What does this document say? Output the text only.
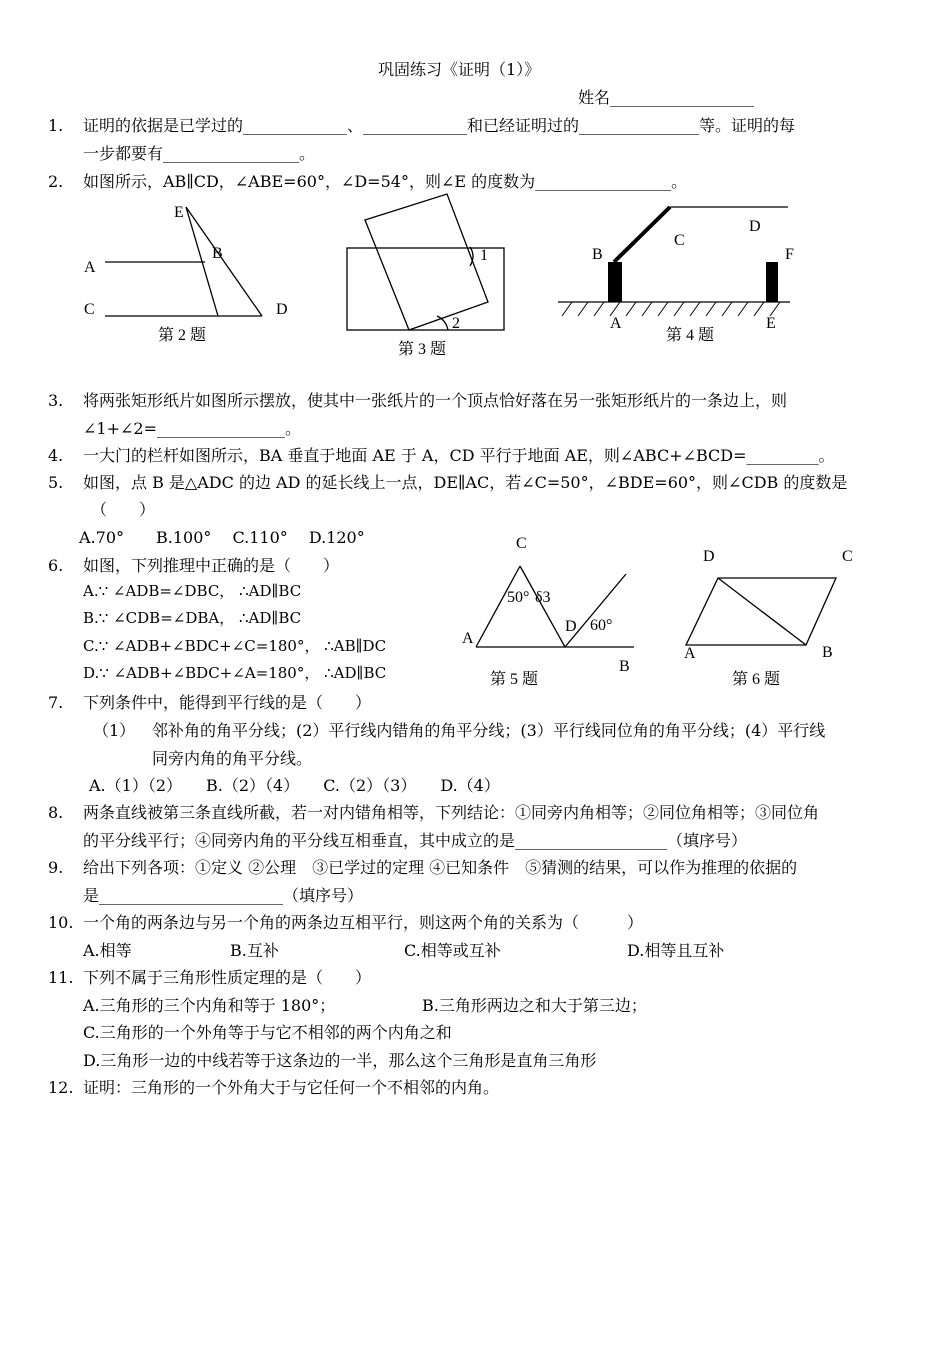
巩固练习《证明（1）》
姓名__________________
1. 证明的依据是已学过的_____________、_____________和已经证明过的_______________等。证明的每
一步都要有_________________。
2. 如图所示，AB∥CD，∠ABE=60°，∠D=54°，则∠E 的度数为_________________。
E
B
A
C	D
第 2 题
1
2
第 3 题
B
C
D
F
A	E
第 4 题
C
50° δ3
D 60°
A
B
第 5 题
D	C
A	B
第 6 题
3. 将两张矩形纸片如图所示摆放，使其中一张纸片的一个顶点恰好落在另一张矩形纸片的一条边上，则
∠1+∠2=________________。
4. 一大门的栏杆如图所示，BA 垂直于地面 AE 于 A，CD 平行于地面 AE，则∠ABC+∠BCD=_________。
5. 如图，点 B 是△ADC 的边 AD 的延长线上一点，DE∥AC，若∠C=50°，∠BDE=60°，则∠CDB 的度数是
（　　）
A.70°　　B.100°　 C.110°　 D.120°
6. 如图，下列推理中正确的是（　　）
A.∵ ∠ADB=∠DBC， ∴AD∥BC
B.∵ ∠CDB=∠DBA， ∴AD∥BC
C.∵ ∠ADB+∠BDC+∠C=180°， ∴AB∥DC
D.∵ ∠ADB+∠BDC+∠A=180°， ∴AD∥BC
7. 下列条件中，能得到平行线的是（　　）
（1） 邻补角的角平分线；(2）平行线内错角的角平分线；(3）平行线同位角的角平分线；(4）平行线
同旁内角的角平分线。
A.（1）（2）　　B.（2）（4）　　C.（2）（3）　　D.（4）
8. 两条直线被第三条直线所截，若一对内错角相等，下列结论：①同旁内角相等；②同位角相等；③同位角
的平分线平行；④同旁内角的平分线互相垂直，其中成立的是___________________（填序号）
9. 给出下列各项：①定义 ②公理　③已学过的定理 ④已知条件　⑤猜测的结果，可以作为推理的依据的
是_______________________（填序号）
10. 一个角的两条边与另一个角的两条边互相平行，则这两个角的关系为（　　　）
A.相等	B.互补	C.相等或互补	D.相等且互补
11. 下列不属于三角形性质定理的是（　　）
A.三角形的三个内角和等于 180°；	B.三角形两边之和大于第三边；
C.三角形的一个外角等于与它不相邻的两个内角之和
D.三角形一边的中线若等于这条边的一半，那么这个三角形是直角三角形
12. 证明：三角形的一个外角大于与它任何一个不相邻的内角。
